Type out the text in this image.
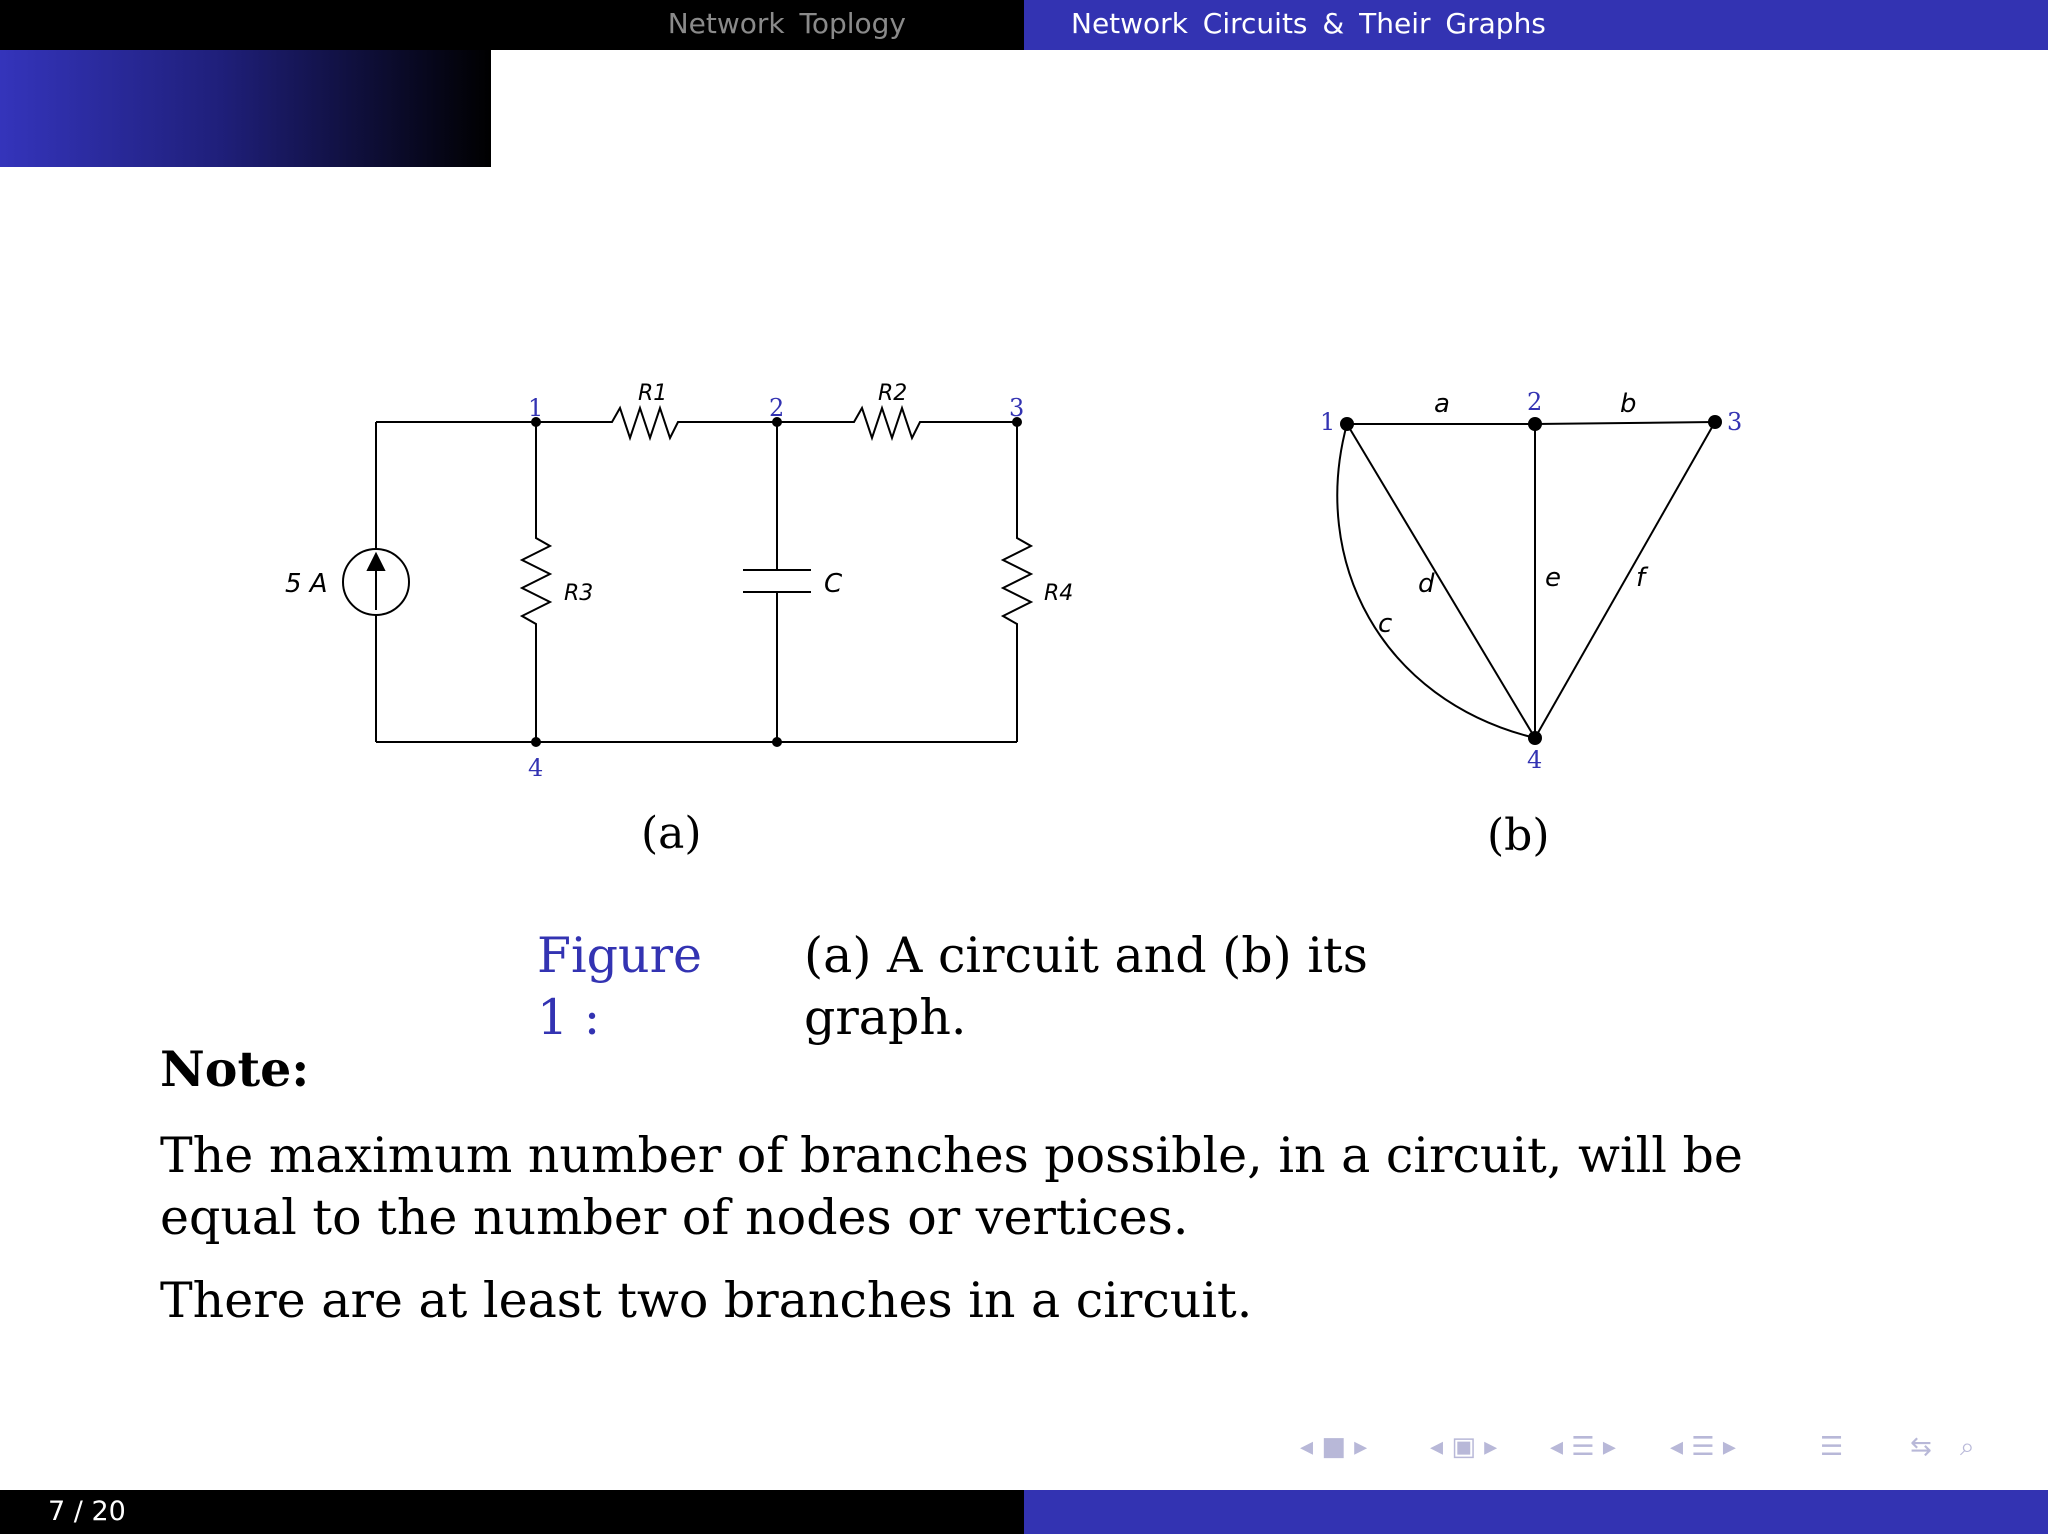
Network Toplogy	Network Circuits & Their Graphs
5 A
R1	R2
R3	R4
C
1	2	3
4
(a)
a	b
c
d	e	f
1
2
3
4
(b)
Figure 1 :
(a) A circuit and (b) its graph.
Note:
The maximum number of branches possible, in a circuit, will be equal to the number of nodes or vertices.
There are at least two branches in a circuit.
◂ ■ ▸ ◂ ▣ ▸ ◂ ☰ ▸ ◂ ☰ ▸	☰	⇆ ⌕
7 / 20
